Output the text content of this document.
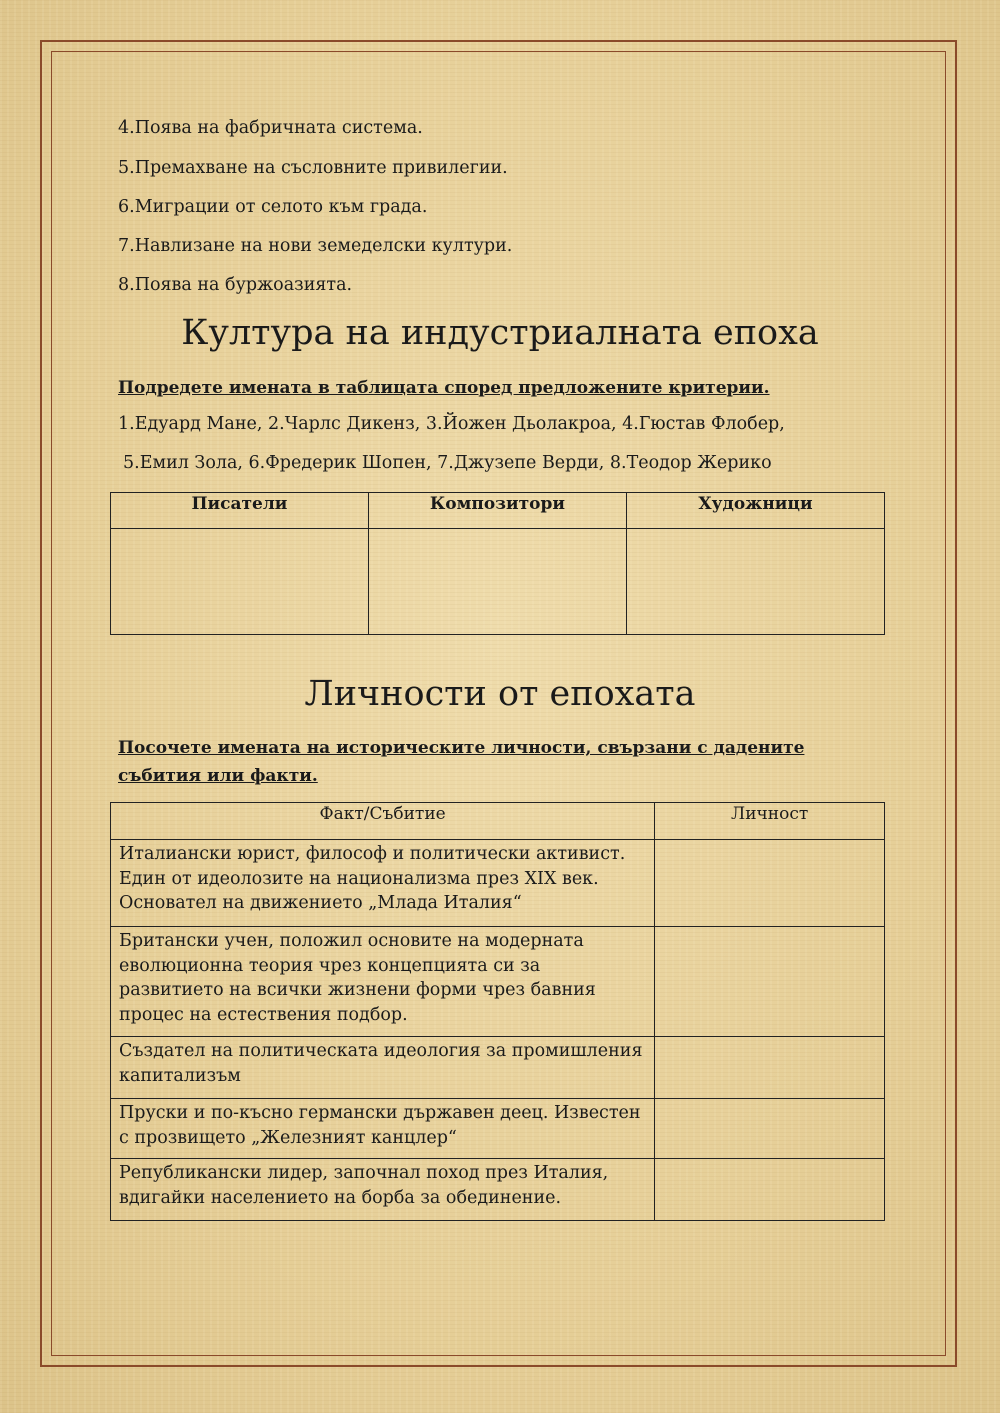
4.Поява на фабричната система.
5.Премахване на съсловните привилегии.
6.Миграции от селото към града.
7.Навлизане на нови земеделски култури.
8.Поява на буржоазията.
Култура на индустриалната епоха
Подредете имената в таблицата според предложените критерии.
1.Едуард Мане, 2.Чарлс Дикенз, 3.Йожен Дьолакроа, 4.Гюстав Флобер,
5.Емил Зола, 6.Фредерик Шопен, 7.Джузепе Верди, 8.Теодор Жерико
Писатели	Композитори	Художници

Личности от епохата
Посочете имената на историческите личности, свързани с дадените събития или факти.
Факт/Събитие	Личност
Италиански юрист, философ и политически активист. Един от идеолозите на национализма през XIX век. Основател на движението „Млада Италия“	
Британски учен, положил основите на модерната еволюционна теория чрез концепцията си за развитието на всички жизнени форми чрез бавния процес на естествения подбор.	
Създател на политическата идеология за промишления капитализъм	
Пруски и по-късно германски държавен деец. Известен с прозвището „Железният канцлер“	
Републикански лидер, започнал поход през Италия, вдигайки населението на борба за обединение.	
